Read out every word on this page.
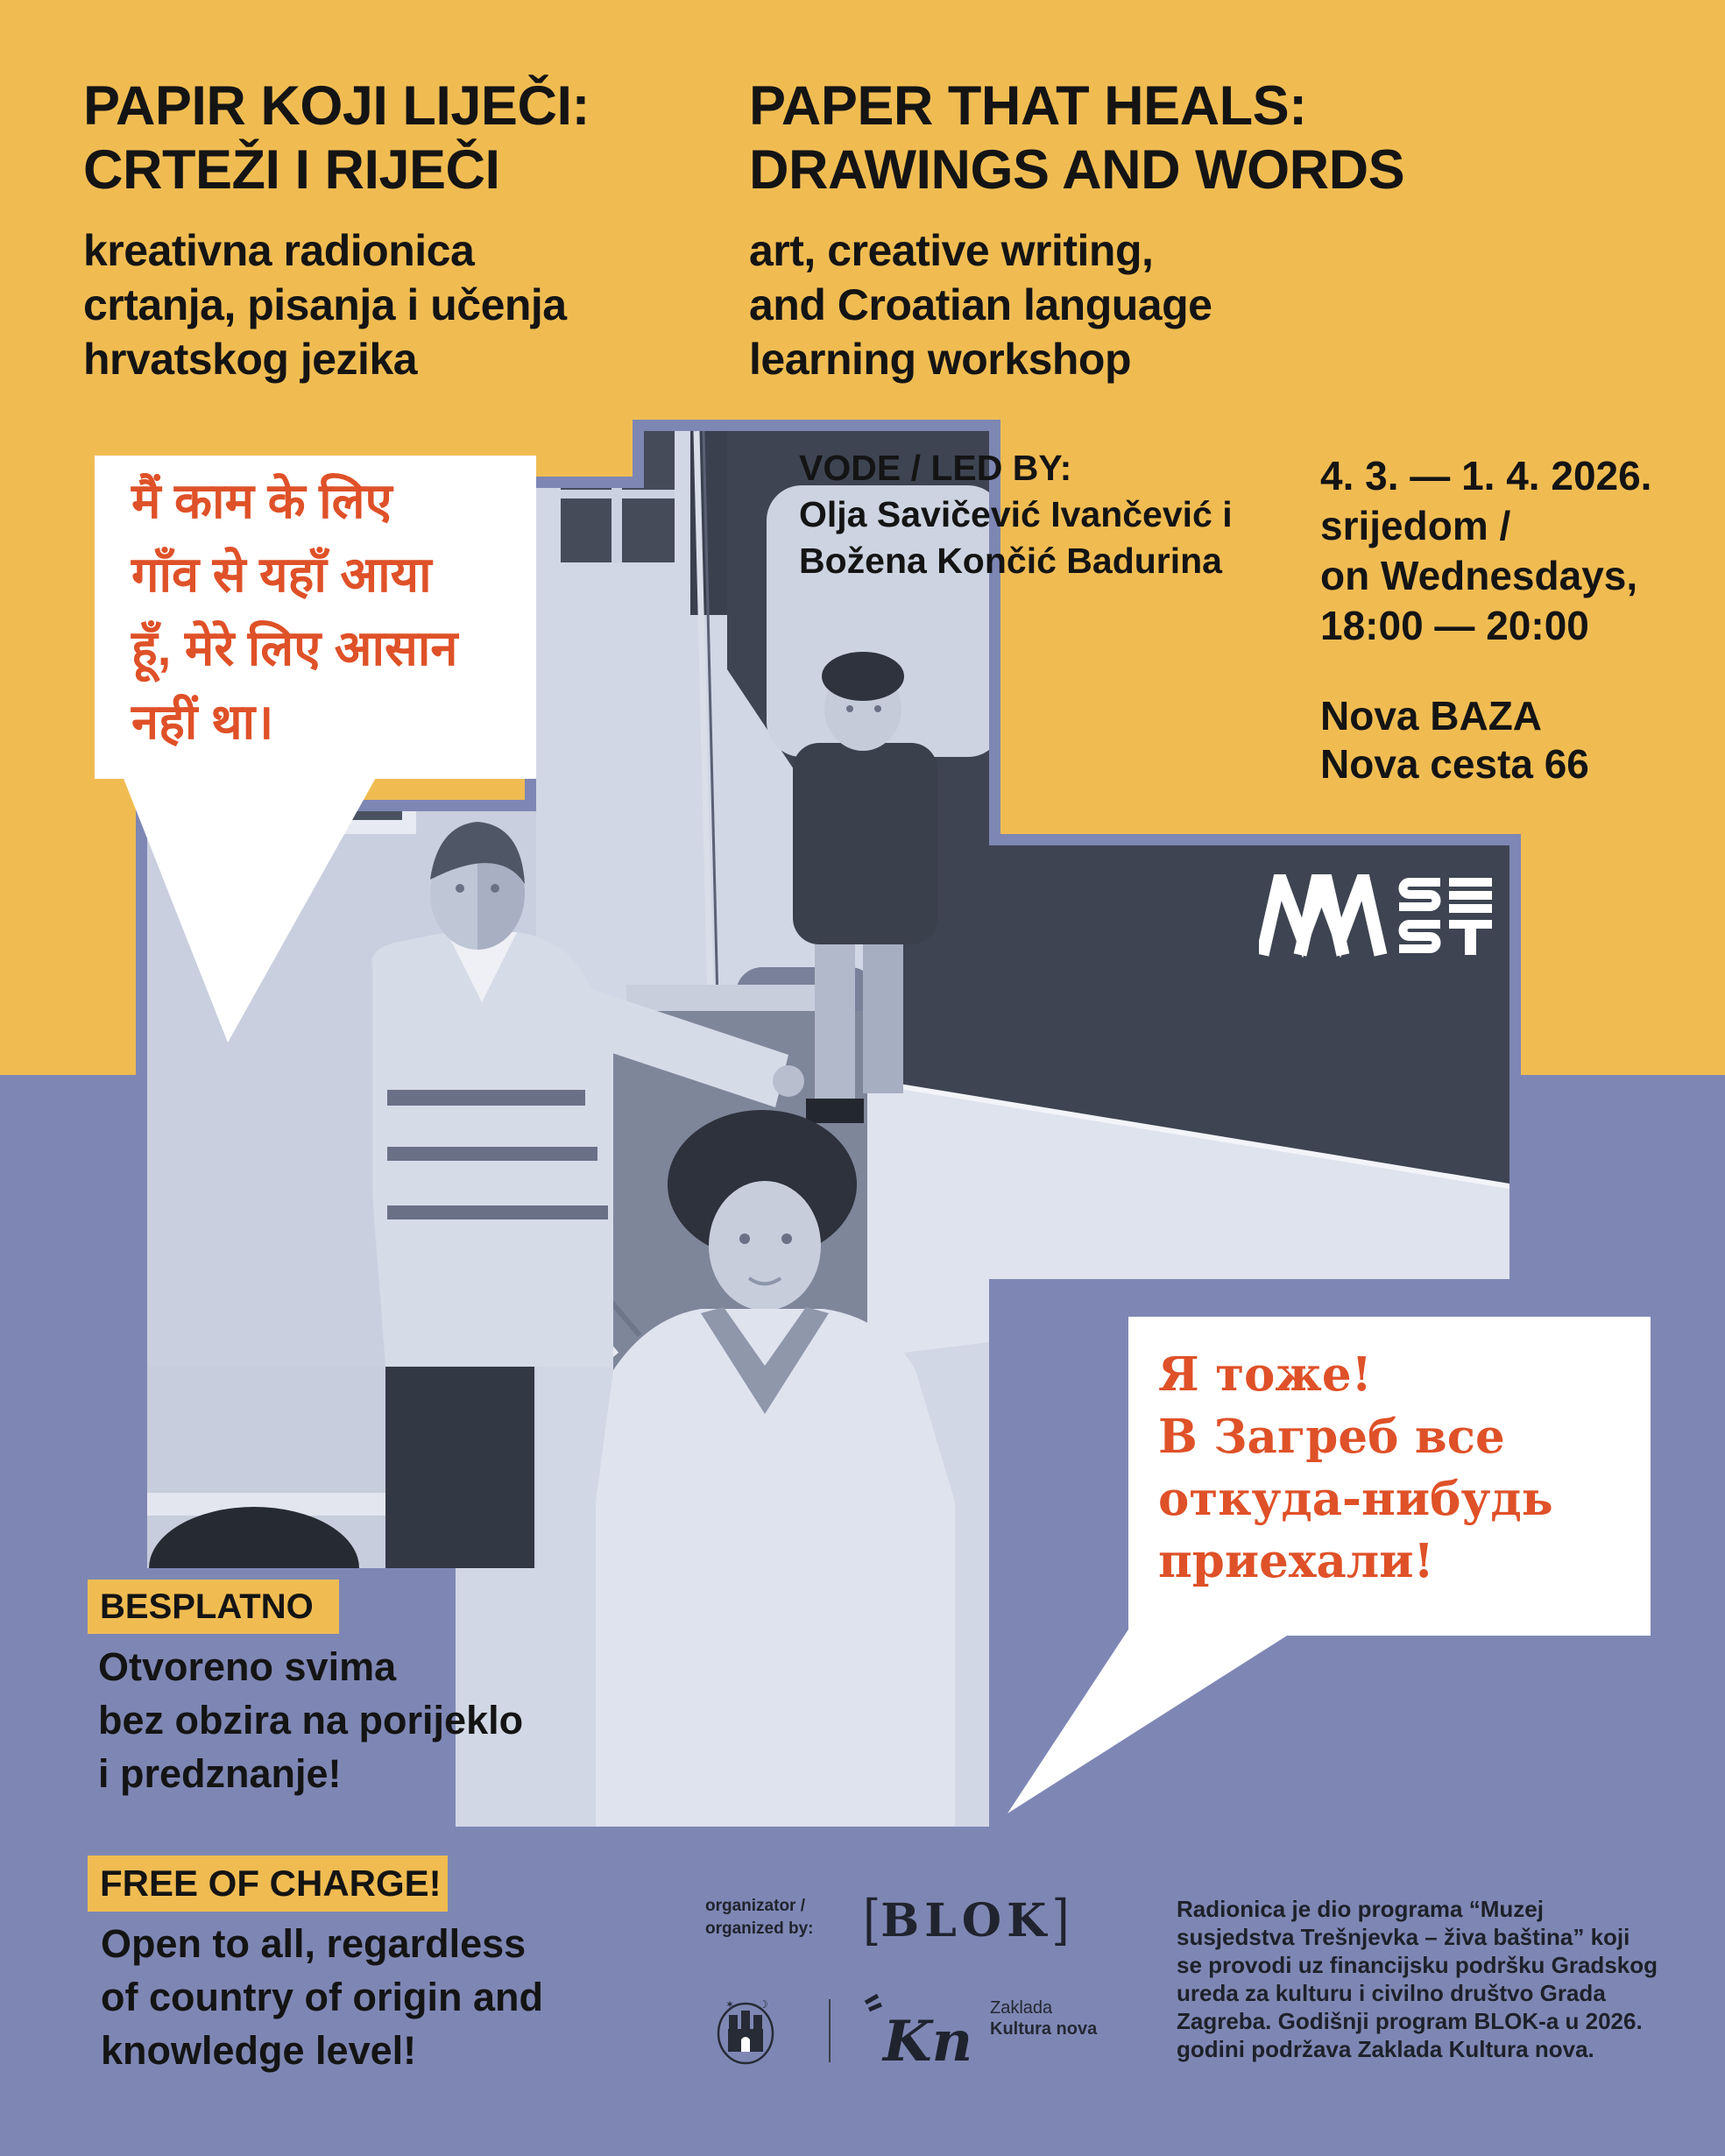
मैं काम के लिए
गाँव से यहाँ आया
हूँ, मेरे लिए आसान
नहीं था।
Я тоже!
В Загреб все
откуда-нибудь
приехали!
PAPIR KOJI LIJEČI:
CRTEŽI I RIJEČI
kreativna radionica
crtanja, pisanja i učenja
hrvatskog jezika
PAPER THAT HEALS:
DRAWINGS AND WORDS
art, creative writing,
and Croatian language
learning workshop
VODE / LED BY:
Olja Savičević Ivančević i
Božena Končić Badurina
4. 3. — 1. 4. 2026.
srijedom /
on Wednesdays,
18:00 — 20:00
Nova BAZA
Nova cesta 66
BESPLATNO
Otvoreno svima
bez obzira na porijeklo
i predznanje!
FREE OF CHARGE!
Open to all, regardless
of country of origin and
knowledge level!
organizator /
organized by: [BLOK]
✶ ☽
Kn
Zaklada
Kultura nova
Radionica je dio programa “Muzej
susjedstva Trešnjevka – živa baština” koji
se provodi uz financijsku podršku Gradskog
ureda za kulturu i civilno društvo Grada
Zagreba. Godišnji program BLOK-a u 2026.
godini podržava Zaklada Kultura nova.
